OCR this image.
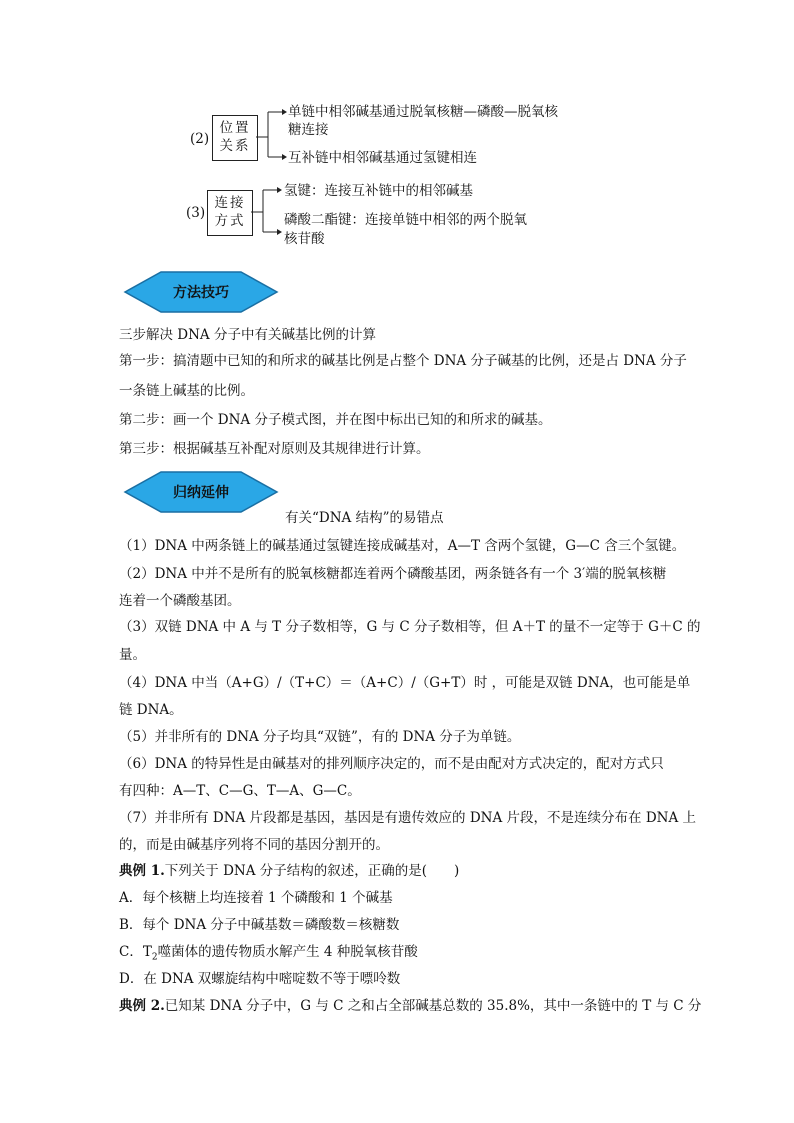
(2)
位置
关系
单链中相邻碱基通过脱氧核糖—磷酸—脱氧核
糖连接
互补链中相邻碱基通过氢键相连
(3)
连接
方式
氢键：连接互补链中的相邻碱基
磷酸二酯键：连接单链中相邻的两个脱氧
核苷酸
方法技巧
三步解决 DNA 分子中有关碱基比例的计算
第一步：搞清题中已知的和所求的碱基比例是占整个 DNA 分子碱基的比例，还是占 DNA 分子
一条链上碱基的比例。
第二步：画一个 DNA 分子模式图，并在图中标出已知的和所求的碱基。
第三步：根据碱基互补配对原则及其规律进行计算。
归纳延伸
有关“DNA 结构”的易错点
（1）DNA 中两条链上的碱基通过氢键连接成碱基对，A—T 含两个氢键，G—C 含三个氢键。
（2）DNA 中并不是所有的脱氧核糖都连着两个磷酸基团，两条链各有一个 3′端的脱氧核糖
连着一个磷酸基团。
（3）双链 DNA 中 A 与 T 分子数相等，G 与 C 分子数相等，但 A＋T 的量不一定等于 G＋C 的
量。
（4）DNA 中当（A+G）/（T+C）＝（A+C）/（G+T）时 ，可能是双链 DNA，也可能是单
链 DNA。
（5）并非所有的 DNA 分子均具“双链”，有的 DNA 分子为单链。
（6）DNA 的特异性是由碱基对的排列顺序决定的，而不是由配对方式决定的，配对方式只
有四种：A—T、C—G、T—A、G—C。
（7）并非所有 DNA 片段都是基因，基因是有遗传效应的 DNA 片段，不是连续分布在 DNA 上
的，而是由碱基序列将不同的基因分割开的。
典例 1.下列关于 DNA 分子结构的叙述，正确的是(　　)
A．每个核糖上均连接着 1 个磷酸和 1 个碱基
B．每个 DNA 分子中碱基数＝磷酸数＝核糖数
C．$T_2$噬菌体的遗传物质水解产生 4 种脱氧核苷酸
D．在 DNA 双螺旋结构中嘧啶数不等于嘌呤数
典例 2.已知某 DNA 分子中，G 与 C 之和占全部碱基总数的 35.8%，其中一条链中的 T 与 C 分
